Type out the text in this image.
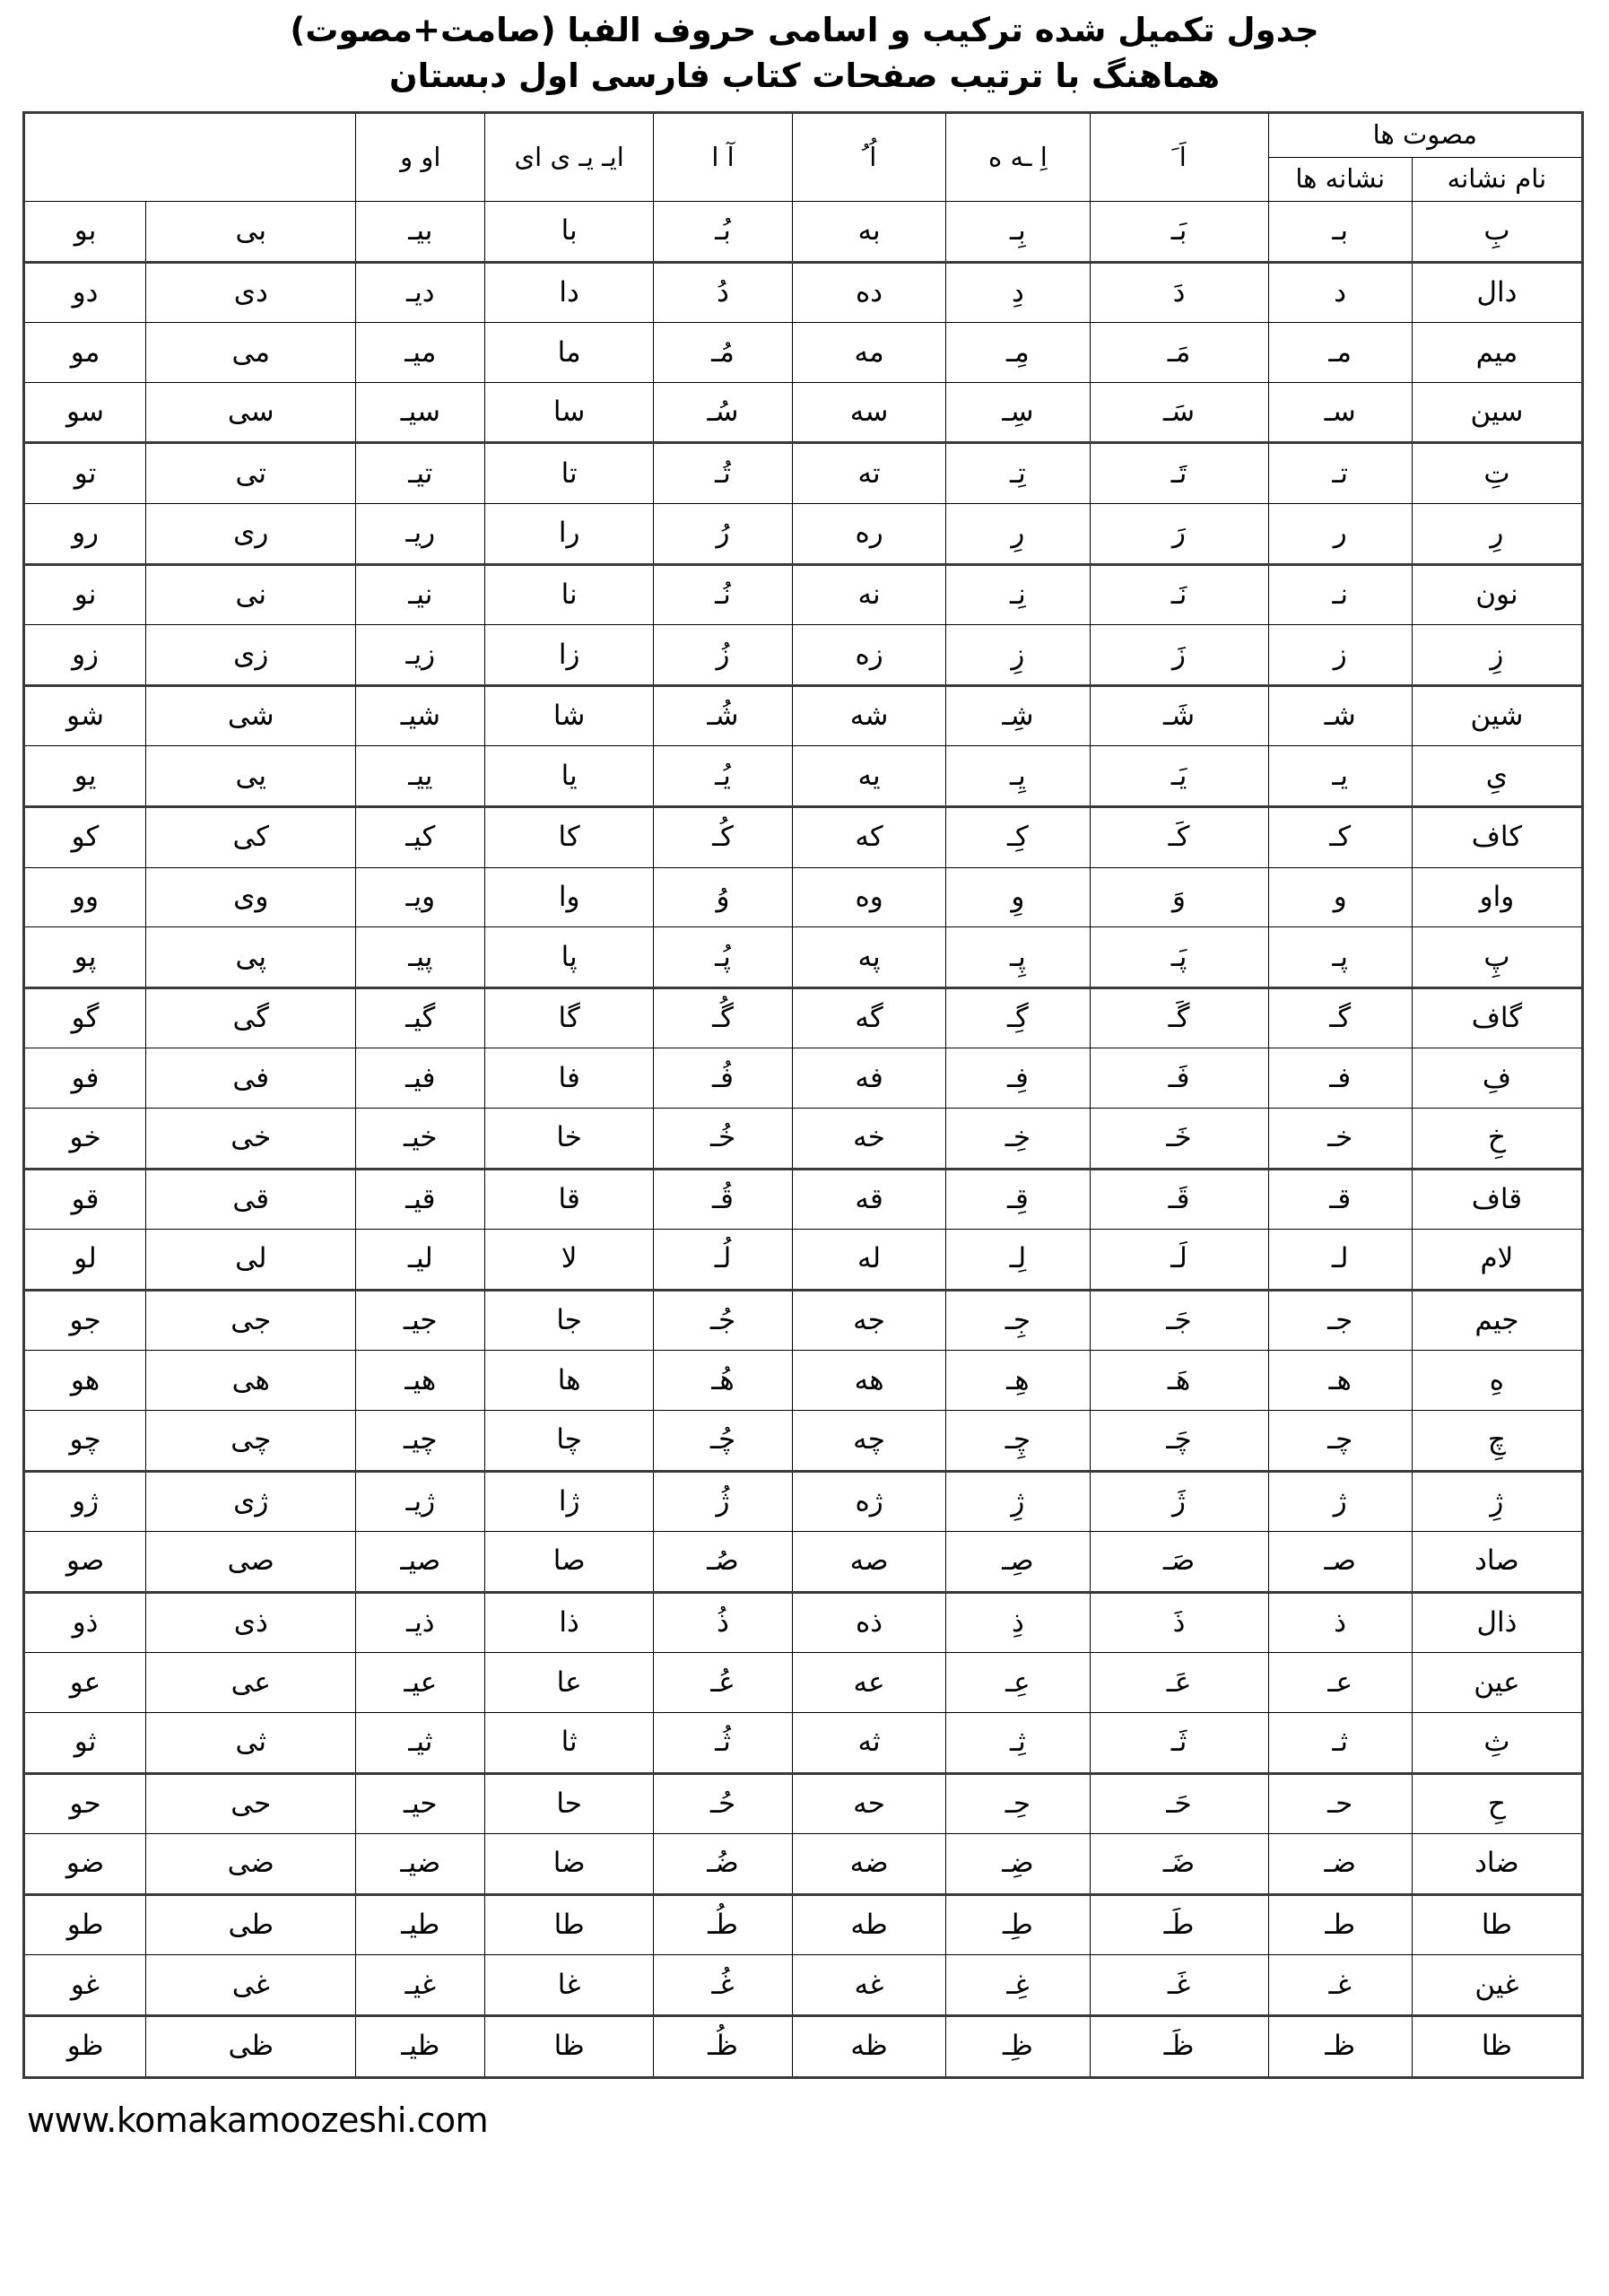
جدول تکمیل شده ترکیب و اسامی حروف الفبا (صامت+مصوت)
هماهنگ با ترتیب صفحات کتاب فارسی اول دبستان
مصوت ها		اَ َ	اِ ـه ه	اُ ُ	آ ا	ایـ یـ ی ای	او و		
نام نشانه	نشانه ها								
بِ	بـ	بَـ	بِـ	به	بُـ	با	بیـ	بی	بو
دال	د	دَ	دِ	ده	دُ	دا	دیـ	دی	دو
میم	مـ	مَـ	مِـ	مه	مُـ	ما	میـ	می	مو
سین	سـ	سَـ	سِـ	سه	سُـ	سا	سیـ	سی	سو
تِ	تـ	تَـ	تِـ	ته	تُـ	تا	تیـ	تی	تو
رِ	ر	رَ	رِ	ره	رُ	را	ریـ	ری	رو
نون	نـ	نَـ	نِـ	نه	نُـ	نا	نیـ	نی	نو
زِ	ز	زَ	زِ	زه	زُ	زا	زیـ	زی	زو
شین	شـ	شَـ	شِـ	شه	شُـ	شا	شیـ	شی	شو
یِ	یـ	یَـ	یِـ	یه	یُـ	یا	ییـ	یی	یو
کاف	کـ	کَـ	کِـ	که	کُـ	کا	کیـ	کی	کو
واو	و	وَ	وِ	وه	وُ	وا	ویـ	وی	وو
پِ	پـ	پَـ	پِـ	په	پُـ	پا	پیـ	پی	پو
گاف	گـ	گَـ	گِـ	گه	گُـ	گا	گیـ	گی	گو
فِ	فـ	فَـ	فِـ	فه	فُـ	فا	فیـ	فی	فو
خِ	خـ	خَـ	خِـ	خه	خُـ	خا	خیـ	خی	خو
قاف	قـ	قَـ	قِـ	قه	قُـ	قا	قیـ	قی	قو
لام	لـ	لَـ	لِـ	له	لُـ	لا	لیـ	لی	لو
جیم	جـ	جَـ	جِـ	جه	جُـ	جا	جیـ	جی	جو
هِ	هـ	هَـ	هِـ	هه	هُـ	ها	هیـ	هی	هو
چِ	چـ	چَـ	چِـ	چه	چُـ	چا	چیـ	چی	چو
ژِ	ژ	ژَ	ژِ	ژه	ژُ	ژا	ژیـ	ژی	ژو
صاد	صـ	صَـ	صِـ	صه	صُـ	صا	صیـ	صی	صو
ذال	ذ	ذَ	ذِ	ذه	ذُ	ذا	ذیـ	ذی	ذو
عین	عـ	عَـ	عِـ	عه	عُـ	عا	عیـ	عی	عو
ثِ	ثـ	ثَـ	ثِـ	ثه	ثُـ	ثا	ثیـ	ثی	ثو
حِ	حـ	حَـ	حِـ	حه	حُـ	حا	حیـ	حی	حو
ضاد	ضـ	ضَـ	ضِـ	ضه	ضُـ	ضا	ضیـ	ضی	ضو
طا	طـ	طَـ	طِـ	طه	طُـ	طا	طیـ	طی	طو
غین	غـ	غَـ	غِـ	غه	غُـ	غا	غیـ	غی	غو
ظا	ظـ	ظَـ	ظِـ	ظه	ظُـ	ظا	ظیـ	ظی	ظو
www.komakamoozeshi.com
